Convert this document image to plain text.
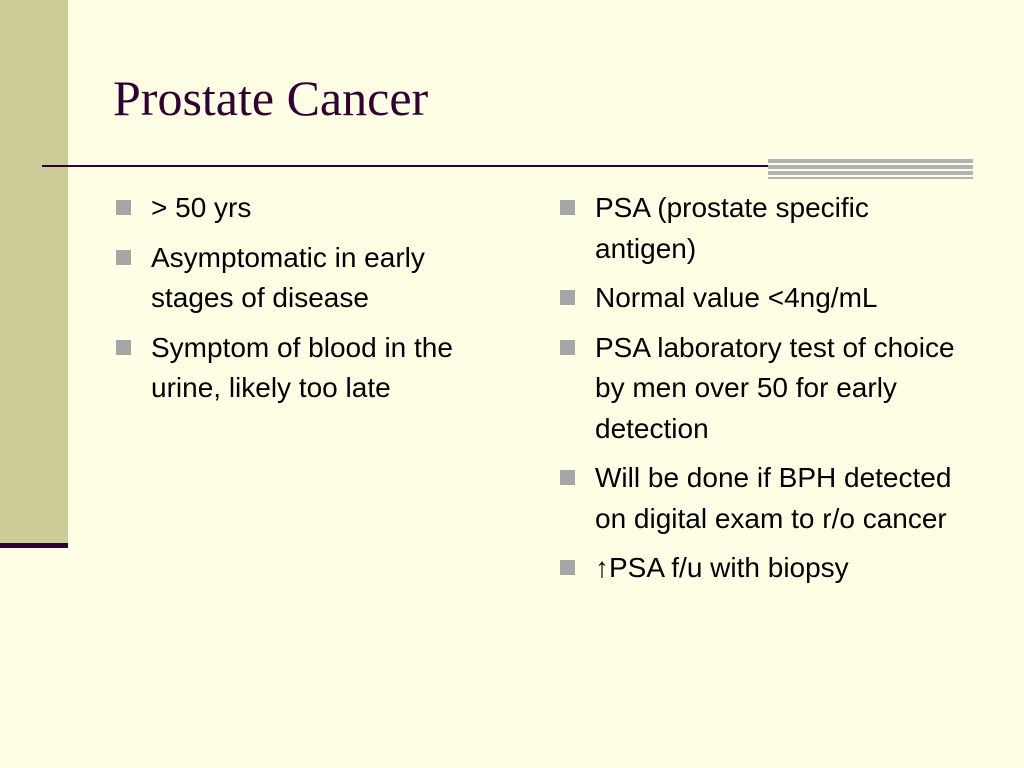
Prostate Cancer
> 50 yrs
Asymptomatic in early stages of disease
Symptom of blood in the urine, likely too late
PSA (prostate specific antigen)
Normal value <4ng/mL
PSA laboratory test of choice by men over 50 for early detection
Will be done if BPH detected on digital exam to r/o cancer
↑PSA f/u with biopsy
